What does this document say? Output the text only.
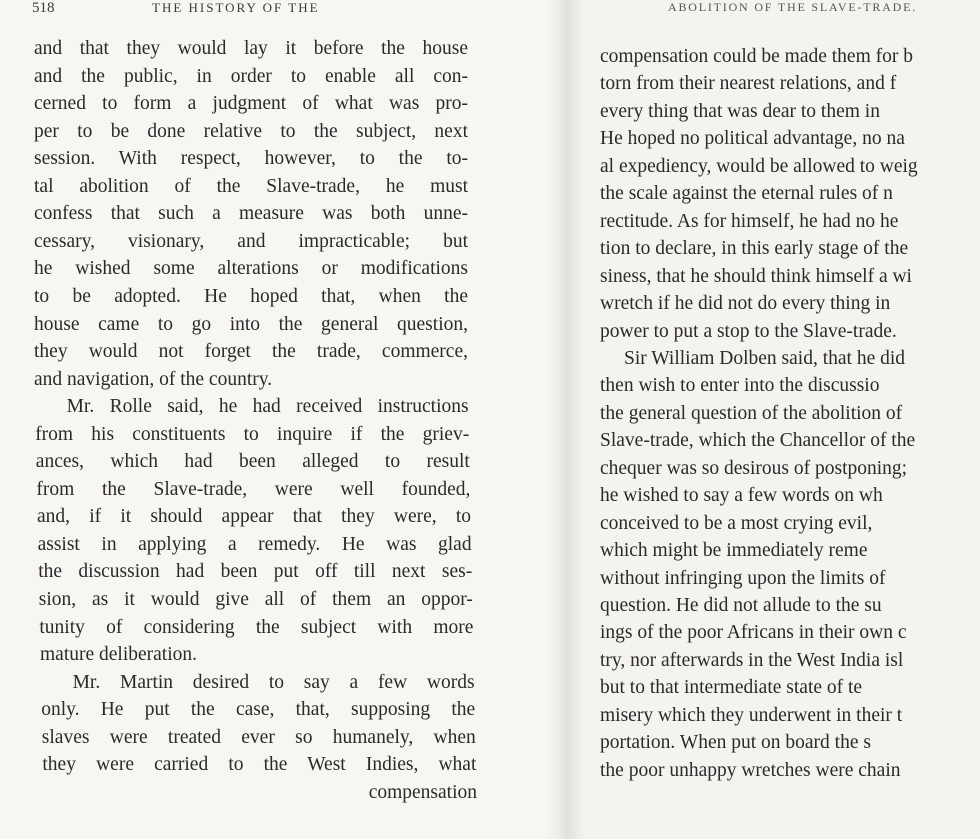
518	THE HISTORY OF THE	ABOLITION OF THE SLAVE-TRADE.
and that they would lay it before the house
and the public, in order to enable all con-
cerned to form a judgment of what was pro-
per to be done relative to the subject, next
session. With respect, however, to the to-
tal abolition of the Slave-trade, he must
confess that such a measure was both unne-
cessary, visionary, and impracticable; but
he wished some alterations or modifications
to be adopted. He hoped that, when the
house came to go into the general question,
they would not forget the trade, commerce,
and navigation, of the country.
Mr. Rolle said, he had received instructions
from his constituents to inquire if the griev-
ances, which had been alleged to result
from the Slave-trade, were well founded,
and, if it should appear that they were, to
assist in applying a remedy. He was glad
the discussion had been put off till next ses-
sion, as it would give all of them an oppor-
tunity of considering the subject with more
mature deliberation.
Mr. Martin desired to say a few words
only. He put the case, that, supposing the
slaves were treated ever so humanely, when
they were carried to the West Indies, what
compensation
compensation could be made them for b
torn from their nearest relations, and f
every thing that was dear to them in
He hoped no political advantage, no na
al expediency, would be allowed to weig
the scale against the eternal rules of n
rectitude. As for himself, he had no he
tion to declare, in this early stage of the
siness, that he should think himself a wi
wretch if he did not do every thing in
power to put a stop to the Slave-trade.
Sir William Dolben said, that he did
then wish to enter into the discussio
the general question of the abolition of
Slave-trade, which the Chancellor of the
chequer was so desirous of postponing;
he wished to say a few words on wh
conceived to be a most crying evil,
which might be immediately reme
without infringing upon the limits of
question. He did not allude to the su
ings of the poor Africans in their own c
try, nor afterwards in the West India isl
but to that intermediate state of te
misery which they underwent in their t
portation. When put on board the s
the poor unhappy wretches were chain
